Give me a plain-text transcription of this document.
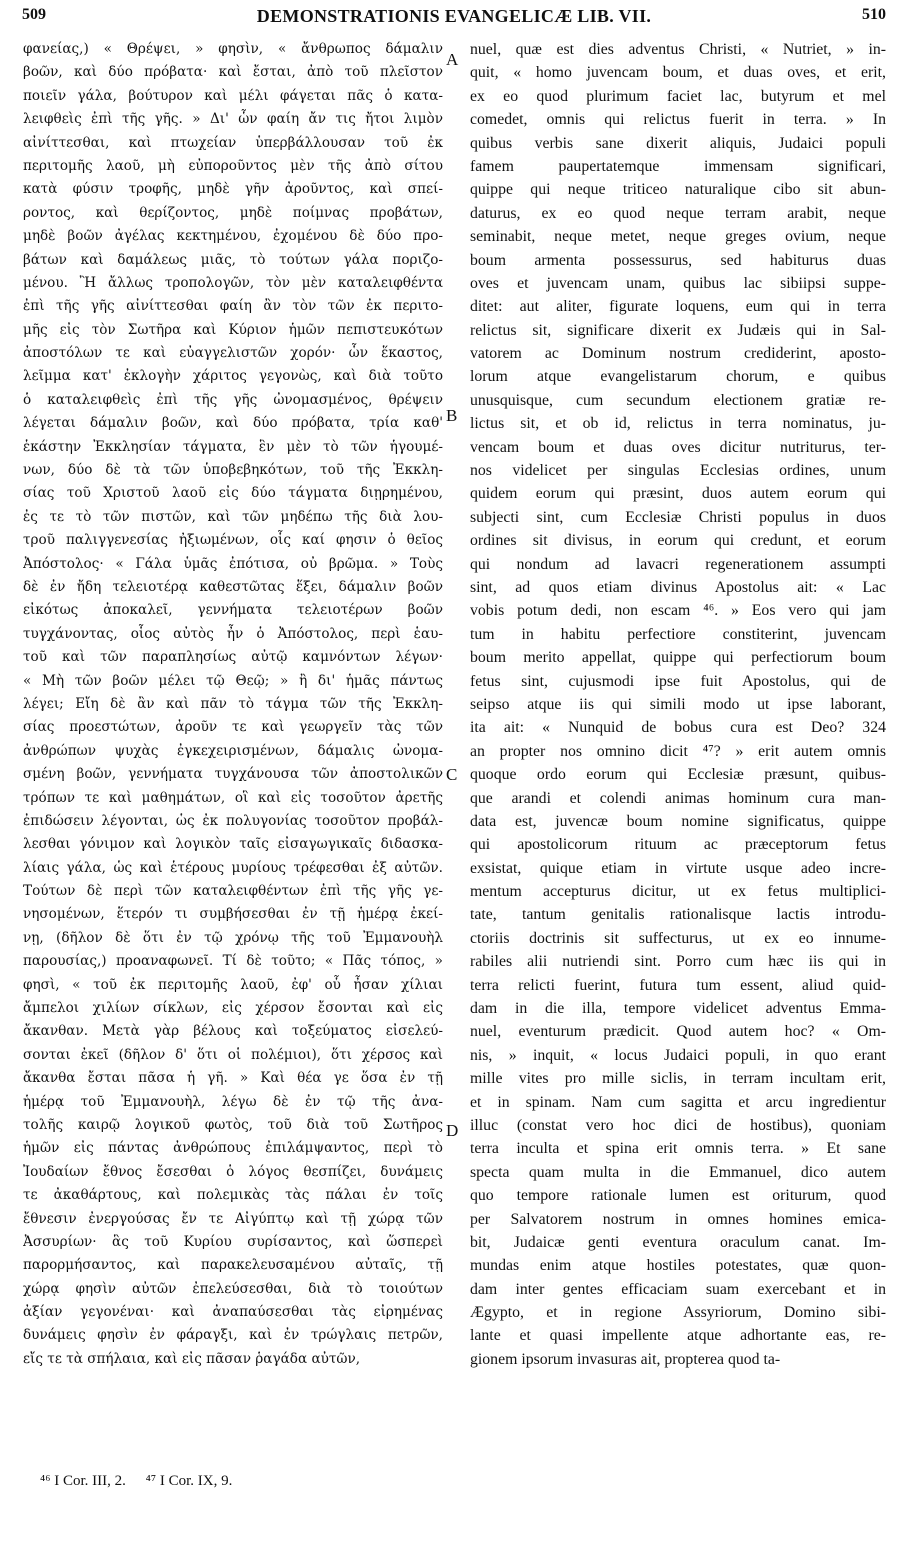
509	DEMONSTRATIONIS EVANGELICÆ LIB. VII.	510
φανείας,) « Θρέψει, » φησὶν, « ἄνθρωπος δάμαλιν
βοῶν, καὶ δύο πρόβατα· καὶ ἔσται, ἀπὸ τοῦ πλεῖστον
ποιεῖν γάλα, βούτυρον καὶ μέλι φάγεται πᾶς ὁ κατα-
λειφθεὶς ἐπὶ τῆς γῆς. » Δι' ὧν φαίη ἄν τις ἤτοι λιμὸν
αἰνίττεσθαι, καὶ πτωχείαν ὑπερβάλλουσαν τοῦ ἐκ
περιτομῆς λαοῦ, μὴ εὐποροῦντος μὲν τῆς ἀπὸ σίτου
κατὰ φύσιν τροφῆς, μηδὲ γῆν ἀροῦντος, καὶ σπεί-
ροντος, καὶ θερίζοντος, μηδὲ ποίμνας προβάτων,
μηδὲ βοῶν ἀγέλας κεκτημένου, ἐχομένου δὲ δύο προ-
βάτων καὶ δαμάλεως μιᾶς, τὸ τούτων γάλα ποριζο-
μένου. Ἢ ἄλλως τροπολογῶν, τὸν μὲν καταλειφθέντα
ἐπὶ τῆς γῆς αἰνίττεσθαι φαίη ἂν τὸν τῶν ἐκ περιτο-
μῆς εἰς τὸν Σωτῆρα καὶ Κύριον ἡμῶν πεπιστευκότων
ἀποστόλων τε καὶ εὐαγγελιστῶν χορόν· ὧν ἕκαστος,
λεῖμμα κατ' ἐκλογὴν χάριτος γεγονὼς, καὶ διὰ τοῦτο
ὁ καταλειφθεὶς ἐπὶ τῆς γῆς ὠνομασμένος, θρέψειν
λέγεται δάμαλιν βοῶν, καὶ δύο πρόβατα, τρία καθ'
ἑκάστην Ἐκκλησίαν τάγματα, ἓν μὲν τὸ τῶν ἡγουμέ-
νων, δύο δὲ τὰ τῶν ὑποβεβηκότων, τοῦ τῆς Ἐκκλη-
σίας τοῦ Χριστοῦ λαοῦ εἰς δύο τάγματα διῃρημένου,
ἐς τε τὸ τῶν πιστῶν, καὶ τῶν μηδέπω τῆς διὰ λου-
τροῦ παλιγγενεσίας ἠξιωμένων, οἷς καί φησιν ὁ θεῖος
Ἀπόστολος· « Γάλα ὑμᾶς ἐπότισα, οὐ βρῶμα. » Τοὺς
δὲ ἐν ἤδη τελειοτέρᾳ καθεστῶτας ἕξει, δάμαλιν βοῶν
εἰκότως ἀποκαλεῖ, γεννήματα τελειοτέρων βοῶν
τυγχάνοντας, οἷος αὐτὸς ἦν ὁ Ἀπόστολος, περὶ ἑαυ-
τοῦ καὶ τῶν παραπλησίως αὐτῷ καμνόντων λέγων·
« Μὴ τῶν βοῶν μέλει τῷ Θεῷ; » ἢ δι' ἡμᾶς πάντως
λέγει; Εἴη δὲ ἂν καὶ πᾶν τὸ τάγμα τῶν τῆς Ἐκκλη-
σίας προεστώτων, ἀροῦν τε καὶ γεωργεῖν τὰς τῶν
ἀνθρώπων ψυχὰς ἐγκεχειρισμένων, δάμαλις ὠνομα-
σμένη βοῶν, γεννήματα τυγχάνουσα τῶν ἀποστολικῶν
τρόπων τε καὶ μαθημάτων, οἳ καὶ εἰς τοσοῦτον ἀρετῆς
ἐπιδώσειν λέγονται, ὡς ἐκ πολυγονίας τοσοῦτον προβάλ-
λεσθαι γόνιμον καὶ λογικὸν ταῖς εἰσαγωγικαῖς διδασκα-
λίαις γάλα, ὡς καὶ ἑτέρους μυρίους τρέφεσθαι ἐξ αὐτῶν.
Τούτων δὲ περὶ τῶν καταλειφθέντων ἐπὶ τῆς γῆς γε-
νησομένων, ἕτερόν τι συμβήσεσθαι ἐν τῇ ἡμέρᾳ ἐκεί-
νῃ, (δῆλον δὲ ὅτι ἐν τῷ χρόνῳ τῆς τοῦ Ἐμμανουὴλ
παρουσίας,) προαναφωνεῖ. Τί δὲ τοῦτο; « Πᾶς τόπος, »
φησὶ, « τοῦ ἐκ περιτομῆς λαοῦ, ἐφ' οὗ ἦσαν χίλιαι
ἄμπελοι χιλίων σίκλων, εἰς χέρσον ἔσονται καὶ εἰς
ἄκανθαν. Μετὰ γὰρ βέλους καὶ τοξεύματος εἰσελεύ-
σονται ἐκεῖ (δῆλον δ' ὅτι οἱ πολέμιοι), ὅτι χέρσος καὶ
ἄκανθα ἔσται πᾶσα ἡ γῆ. » Καὶ θέα γε ὅσα ἐν τῇ
ἡμέρᾳ τοῦ Ἐμμανουὴλ, λέγω δὲ ἐν τῷ τῆς ἀνα-
τολῆς καιρῷ λογικοῦ φωτὸς, τοῦ διὰ τοῦ Σωτῆρος
ἡμῶν εἰς πάντας ἀνθρώπους ἐπιλάμψαντος, περὶ τὸ
Ἰουδαίων ἔθνος ἔσεσθαι ὁ λόγος θεσπίζει, δυνάμεις
τε ἀκαθάρτους, καὶ πολεμικὰς τὰς πάλαι ἐν τοῖς
ἔθνεσιν ἐνεργούσας ἔν τε Αἰγύπτῳ καὶ τῇ χώρᾳ τῶν
Ἀσσυρίων· ἃς τοῦ Κυρίου συρίσαντος, καὶ ὥσπερεὶ
παρορμήσαντος, καὶ παρακελευσαμένου αὐταῖς, τῇ
χώρᾳ φησὶν αὐτῶν ἐπελεύσεσθαι, διὰ τὸ τοιούτων
ἀξίαν γεγονέναι· καὶ ἀναπαύσεσθαι τὰς εἰρημένας
δυνάμεις φησὶν ἐν φάραγξι, καὶ ἐν τρώγλαις πετρῶν,
εἴς τε τὰ σπήλαια, καὶ εἰς πᾶσαν ῥαγάδα αὐτῶν,
A
B
C
D
nuel, quæ est dies adventus Christi, « Nutriet, » in-
quit, « homo juvencam boum, et duas oves, et erit,
ex eo quod plurimum faciet lac, butyrum et mel
comedet, omnis qui relictus fuerit in terra. » In
quibus verbis sane dixerit aliquis, Judaici populi
famem paupertatemque immensam significari,
quippe qui neque triticeo naturalique cibo sit abun-
daturus, ex eo quod neque terram arabit, neque
seminabit, neque metet, neque greges ovium, neque
boum armenta possessurus, sed habiturus duas
oves et juvencam unam, quibus lac sibiipsi suppe-
ditet: aut aliter, figurate loquens, eum qui in terra
relictus sit, significare dixerit ex Judæis qui in Sal-
vatorem ac Dominum nostrum crediderint, aposto-
lorum atque evangelistarum chorum, e quibus
unusquisque, cum secundum electionem gratiæ re-
lictus sit, et ob id, relictus in terra nominatus, ju-
vencam boum et duas oves dicitur nutriturus, ter-
nos videlicet per singulas Ecclesias ordines, unum
quidem eorum qui præsint, duos autem eorum qui
subjecti sint, cum Ecclesiæ Christi populus in duos
ordines sit divisus, in eorum qui credunt, et eorum
qui nondum ad lavacri regenerationem assumpti
sint, ad quos etiam divinus Apostolus ait: « Lac
vobis potum dedi, non escam ⁴⁶. » Eos vero qui jam
tum in habitu perfectiore constiterint, juvencam
boum merito appellat, quippe qui perfectiorum boum
fetus sint, cujusmodi ipse fuit Apostolus, qui de
seipso atque iis qui simili modo ut ipse laborant,
ita ait: « Nunquid de bobus cura est Deo? 324
an propter nos omnino dicit ⁴⁷? » erit autem omnis
quoque ordo eorum qui Ecclesiæ præsunt, quibus-
que arandi et colendi animas hominum cura man-
data est, juvencæ boum nomine significatus, quippe
qui apostolicorum rituum ac præceptorum fetus
exsistat, quique etiam in virtute usque adeo incre-
mentum accepturus dicitur, ut ex fetus multiplici-
tate, tantum genitalis rationalisque lactis introdu-
ctoriis doctrinis sit suffecturus, ut ex eo innume-
rabiles alii nutriendi sint. Porro cum hæc iis qui in
terra relicti fuerint, futura tum essent, aliud quid-
dam in die illa, tempore videlicet adventus Emma-
nuel, eventurum prædicit. Quod autem hoc? « Om-
nis, » inquit, « locus Judaici populi, in quo erant
mille vites pro mille siclis, in terram incultam erit,
et in spinam. Nam cum sagitta et arcu ingredientur
illuc (constat vero hoc dici de hostibus), quoniam
terra inculta et spina erit omnis terra. » Et sane
specta quam multa in die Emmanuel, dico autem
quo tempore rationale lumen est oriturum, quod
per Salvatorem nostrum in omnes homines emica-
bit, Judaicæ genti eventura oraculum canat. Im-
mundas enim atque hostiles potestates, quæ quon-
dam inter gentes efficaciam suam exercebant et in
Ægypto, et in regione Assyriorum, Domino sibi-
lante et quasi impellente atque adhortante eas, re-
gionem ipsorum invasuras ait, propterea quod ta-
⁴⁶ I Cor. III, 2. ⁴⁷ I Cor. IX, 9.
